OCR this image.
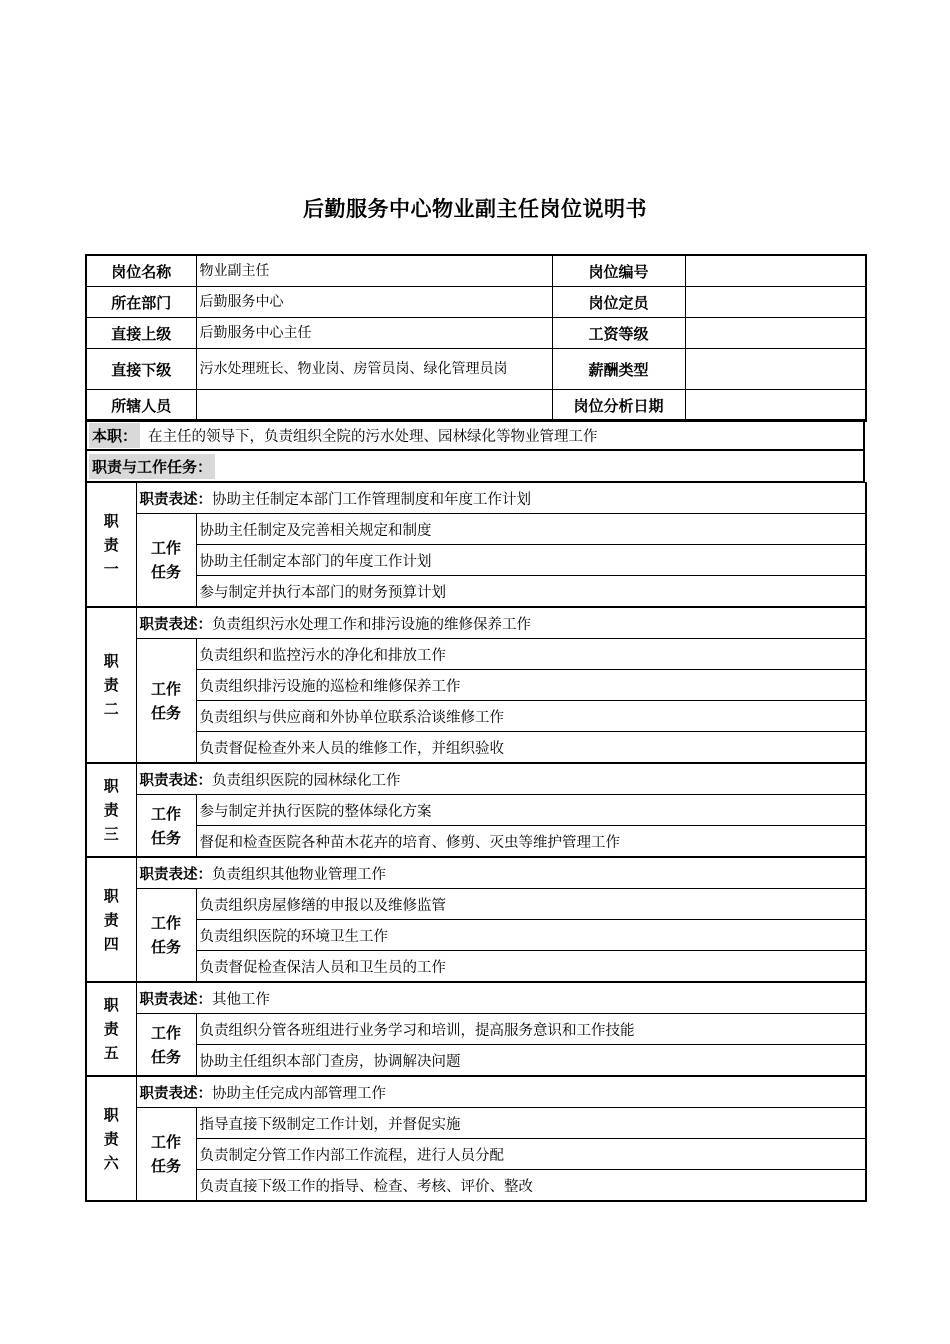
后勤服务中心物业副主任岗位说明书
岗位名称	物业副主任	岗位编号	
所在部门	后勤服务中心	岗位定员	
直接上级	后勤服务中心主任	工资等级	
直接下级	污水处理班长、物业岗、房管员岗、绿化管理员岗	薪酬类型	
所辖人员		岗位分析日期	
本职： 在主任的领导下，负责组织全院的污水处理、园林绿化等物业管理工作
职责与工作任务：
职责一	职责表述：协助主任制定本部门工作管理制度和年度工作计划	
	工作任务	协助主任制定及完善相关规定和制度
		协助主任制定本部门的年度工作计划
		参与制定并执行本部门的财务预算计划
职责二	职责表述：负责组织污水处理工作和排污设施的维修保养工作	
	工作任务	负责组织和监控污水的净化和排放工作
		负责组织排污设施的巡检和维修保养工作
		负责组织与供应商和外协单位联系洽谈维修工作
		负责督促检查外来人员的维修工作，并组织验收
职责三	职责表述：负责组织医院的园林绿化工作	
	工作任务	参与制定并执行医院的整体绿化方案
		督促和检查医院各种苗木花卉的培育、修剪、灭虫等维护管理工作
职责四	职责表述：负责组织其他物业管理工作	
	工作任务	负责组织房屋修缮的申报以及维修监管
		负责组织医院的环境卫生工作
		负责督促检查保洁人员和卫生员的工作
职责五	职责表述：其他工作	
	工作任务	负责组织分管各班组进行业务学习和培训，提高服务意识和工作技能
		协助主任组织本部门查房，协调解决问题
职责六	职责表述：协助主任完成内部管理工作	
	工作任务	指导直接下级制定工作计划，并督促实施
		负责制定分管工作内部工作流程，进行人员分配
		负责直接下级工作的指导、检查、考核、评价、整改
